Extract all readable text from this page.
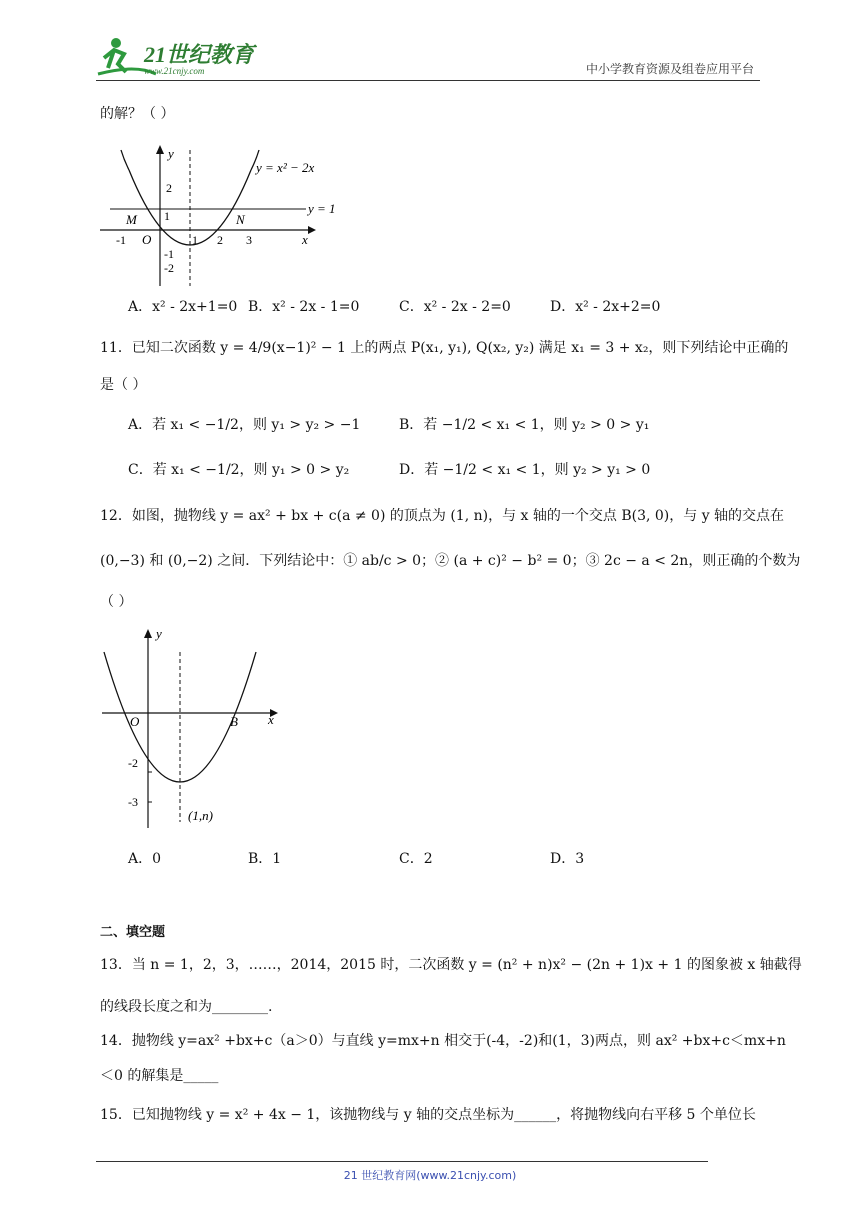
21世纪教育
www.21cnjy.com	中小学教育资源及组卷应用平台
的解？（ ）
y
x
O
y = x² − 2x
y = 1
M	N
-1	1 2 3
2
1
-1
-2
A．x² - 2x+1=0 B．x² - 2x - 1=0	C．x² - 2x - 2=0	D．x² - 2x+2=0
11．已知二次函数 y = 4/9(x−1)² − 1 上的两点 P(x₁, y₁), Q(x₂, y₂) 满足 x₁ = 3 + x₂，则下列结论中正确的
是（ ）
A．若 x₁ < −1/2，则 y₁ > y₂ > −1	B．若 −1/2 < x₁ < 1，则 y₂ > 0 > y₁
C．若 x₁ < −1/2，则 y₁ > 0 > y₂	D．若 −1/2 < x₁ < 1，则 y₂ > y₁ > 0
12．如图，抛物线 y = ax² + bx + c(a ≠ 0) 的顶点为 (1, n)，与 x 轴的一个交点 B(3, 0)，与 y 轴的交点在
(0,−3) 和 (0,−2) 之间．下列结论中：① ab/c > 0；② (a + c)² − b² = 0；③ 2c − a < 2n，则正确的个数为
（ ）
y
x
O	B
-2
-3
(1,n)
A．0	B．1	C．2	D．3
二、填空题
13．当 n = 1，2，3，……，2014，2015 时，二次函数 y = (n² + n)x² − (2n + 1)x + 1 的图象被 x 轴截得
的线段长度之和为________.
14．抛物线 y=ax² +bx+c（a＞0）与直线 y=mx+n 相交于(-4，-2)和(1，3)两点，则 ax² +bx+c＜mx+n
＜0 的解集是_____
15．已知抛物线 y = x² + 4x − 1，该抛物线与 y 轴的交点坐标为______，将抛物线向右平移 5 个单位长
21 世纪教育网(www.21cnjy.com)
